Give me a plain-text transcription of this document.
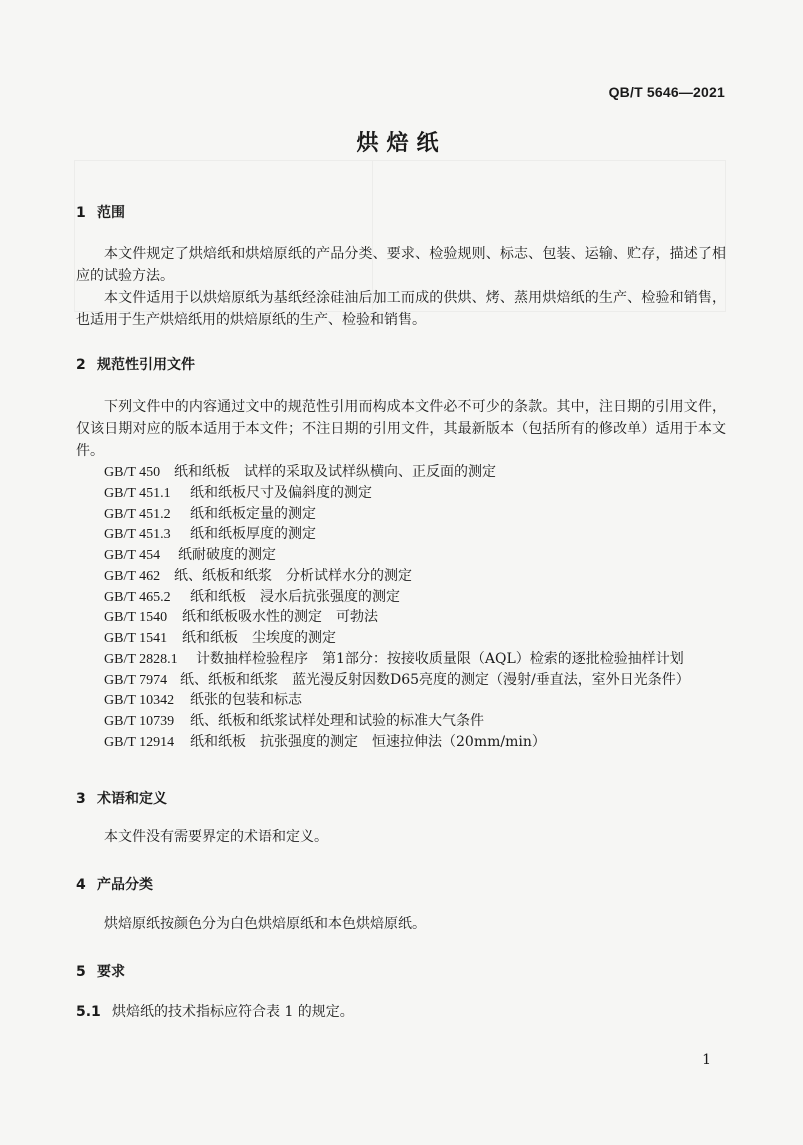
QB/T 5646—2021
烘焙纸
1 范围
本文件规定了烘焙纸和烘焙原纸的产品分类、要求、检验规则、标志、包装、运输、贮存，描述了相应的试验方法。
本文件适用于以烘焙原纸为基纸经涂硅油后加工而成的供烘、烤、蒸用烘焙纸的生产、检验和销售，也适用于生产烘焙纸用的烘焙原纸的生产、检验和销售。
2 规范性引用文件
下列文件中的内容通过文中的规范性引用而构成本文件必不可少的条款。其中，注日期的引用文件，仅该日期对应的版本适用于本文件；不注日期的引用文件，其最新版本（包括所有的修改单）适用于本文件。
GB/T 450 纸和纸板　试样的采取及试样纵横向、正反面的测定
GB/T 451.1 纸和纸板尺寸及偏斜度的测定
GB/T 451.2 纸和纸板定量的测定
GB/T 451.3 纸和纸板厚度的测定
GB/T 454 纸耐破度的测定
GB/T 462 纸、纸板和纸浆　分析试样水分的测定
GB/T 465.2 纸和纸板　浸水后抗张强度的测定
GB/T 1540 纸和纸板吸水性的测定　可勃法
GB/T 1541 纸和纸板　尘埃度的测定
GB/T 2828.1 计数抽样检验程序　第1部分：按接收质量限（AQL）检索的逐批检验抽样计划
GB/T 7974 纸、纸板和纸浆　蓝光漫反射因数D65亮度的测定（漫射/垂直法，室外日光条件）
GB/T 10342 纸张的包装和标志
GB/T 10739 纸、纸板和纸浆试样处理和试验的标准大气条件
GB/T 12914 纸和纸板　抗张强度的测定　恒速拉伸法（20mm/min）
3 术语和定义
本文件没有需要界定的术语和定义。
4 产品分类
烘焙原纸按颜色分为白色烘焙原纸和本色烘焙原纸。
5 要求
5.1 烘焙纸的技术指标应符合表 1 的规定。
1
